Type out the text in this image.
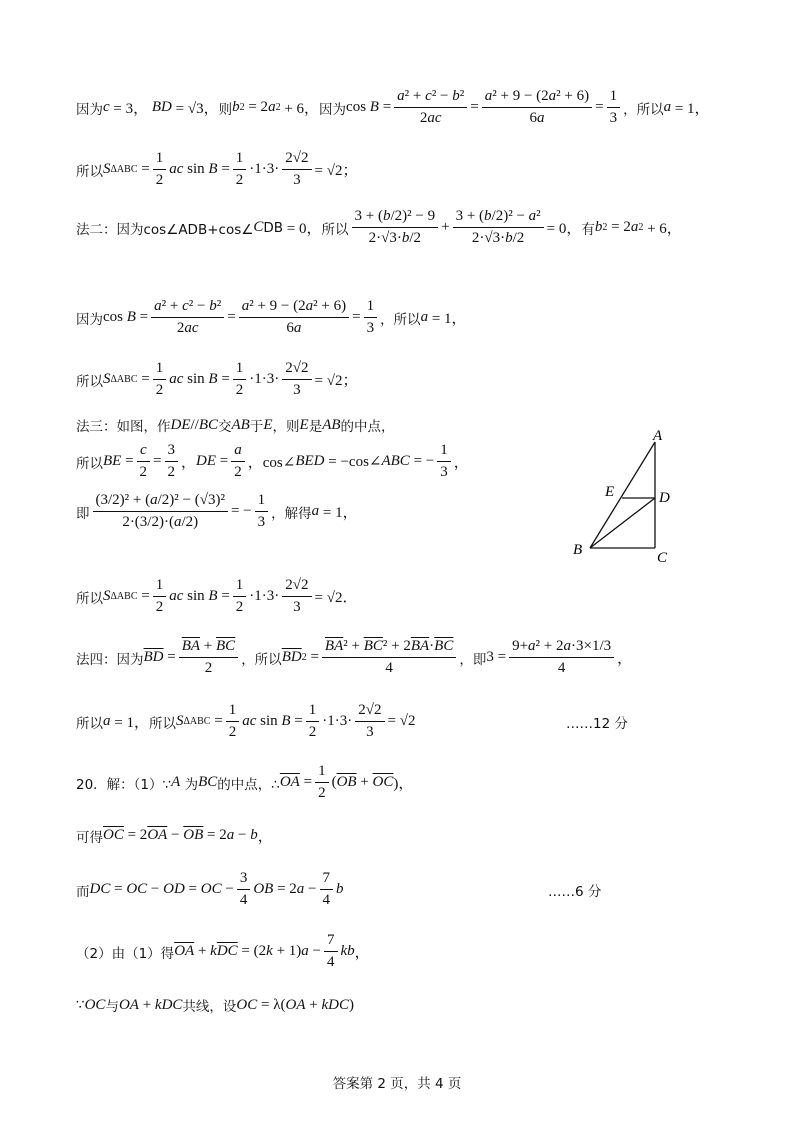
因为 c = 3， BD = √3， 则 b 2 = 2 a 2 + 6， 因为 $\cos B = \frac{\text{a² + c² − b²}}{2ac} = \frac{\text{a² + 9 − (2a² + 6)}}{6a} = \frac{1}{3}$ ，所以 a = 1，
所以 S $\Delta ABC = \frac{1}{2}$ ac $\sin B = \frac{1}{2} \cdot 1\cdot 3\cdot \frac{2√2}{3} = √2$；
法二：因为cos∠ADB+cos∠ C DB = 0， 所以 $\frac{\text{3 + (b/2)² − 9}}{2\cdot√3\cdot b/2} + \frac{\text{3 + (b/2)² − a²}}{2\cdot√3\cdot b/2} = 0$， 有 b 2 = 2 a 2 + 6，
因为 $\cos B = \frac{\text{a² + c² − b²}}{2ac} = \frac{\text{a² + 9 − (2a² + 6)}}{6a} = \frac{1}{3}$ ，所以 a = 1，
所以 S $\Delta ABC = \frac{1}{2}$ ac $\sin B = \frac{1}{2} \cdot 1\cdot 3\cdot \frac{2√2}{3} = √2$；
法三：如图，作 DE // BC 交 AB 于 E ，则 E 是 AB 的中点，
所以 BE = $\frac{c}{2} = \frac{3}{2}$ ， DE = $\frac{a}{2}$ ，cos∠ BED = −cos∠ ABC = − $\frac{1}{3}$ ，
即 $\frac{\text{(3/2)² + (a/2)² − (√3)²}}{2\cdot(3/2)\cdot(a/2)}$ = − $\frac{1}{3}$ ，解得 a = 1，
A
B	C
D
E
所以 S $\Delta ABC = \frac{1}{2}$ ac $\sin B = \frac{1}{2} \cdot 1\cdot 3\cdot \frac{2√2}{3} = √2$．
法四：因为 $\overline{BD} = \frac{\overline{BA} + \overline{BC}}{2}$ ，所以 $\overline{BD}$ $2 = \frac{\overline{BA}^2 + \overline{BC}^2 + 2\overline{BA}\cdot\overline{BC}}{4}$ ，即 $3 = \frac{\text{9+a² + 2a·3×1/3}}{4}$ ，
所以 a = 1， 所以 S $\Delta ABC = \frac{1}{2}$ ac $\sin B = \frac{1}{2} \cdot 1\cdot 3\cdot \frac{2√2}{3} = √2$	……12 分
20．解：（1）∵ A 为 BC 的中点，∴ $\overline{OA} = \frac{1}{2}$ ( $\overline{OB} + \overline{OC}$ )，
可得 $\overline{OC} = 2$ $\overline{OA} - \overline{OB} = 2$ a − b ，
而 DC = OC − OD = OC − $\frac{3}{4}$ OB = 2 $a - \frac{7}{4}$ b	……6 分
（2）由（1）得 $\overline{OA} + k$ $\overline{DC} = (2$ k + 1) $a - \frac{7}{4}$ kb ，
∵ OC 与 OA + kDC 共线，设 OC = λ( OA + kDC )
答案第 2 页，共 4 页
